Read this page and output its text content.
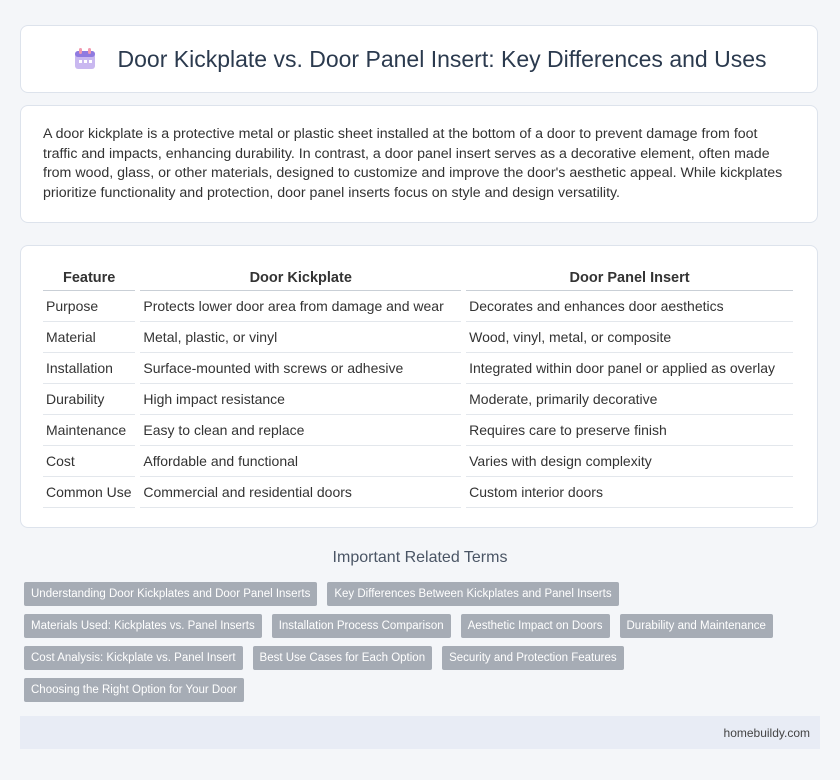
Door Kickplate vs. Door Panel Insert: Key Differences and Uses

A door kickplate is a protective metal or plastic sheet installed at the bottom of a door to prevent damage from foot traffic and impacts, enhancing durability. In contrast, a door panel insert serves as a decorative element, often made from wood, glass, or other materials, designed to customize and improve the door's aesthetic appeal. While kickplates prioritize functionality and protection, door panel inserts focus on style and design versatility.

Feature	Door Kickplate	Door Panel Insert
Purpose	Protects lower door area from damage and wear	Decorates and enhances door aesthetics
Material	Metal, plastic, or vinyl	Wood, vinyl, metal, or composite
Installation	Surface-mounted with screws or adhesive	Integrated within door panel or applied as overlay
Durability	High impact resistance	Moderate, primarily decorative
Maintenance	Easy to clean and replace	Requires care to preserve finish
Cost	Affordable and functional	Varies with design complexity
Common Use	Commercial and residential doors	Custom interior doors
Important Related Terms
Understanding Door Kickplates and Door Panel Inserts Key Differences Between Kickplates and Panel Inserts
Materials Used: Kickplates vs. Panel Inserts Installation Process Comparison Aesthetic Impact on Doors Durability and Maintenance
Cost Analysis: Kickplate vs. Panel Insert Best Use Cases for Each Option Security and Protection Features
Choosing the Right Option for Your Door
homebuildy.com
